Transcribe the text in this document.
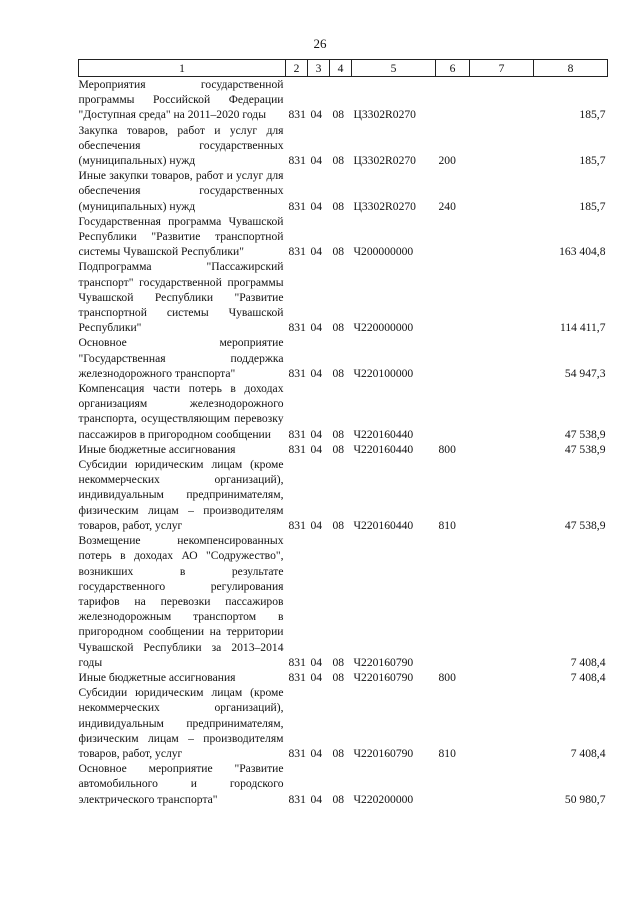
26
1	2	3	4	5	6	7	8
Мероприятия государственной программы Российской Федерации "Доступная среда" на 2011–2020 годы	831	04	08	Ц3302R0270			185,7
Закупка товаров, работ и услуг для обеспечения государственных (муниципальных) нужд	831	04	08	Ц3302R0270	200		185,7
Иные закупки товаров, работ и услуг для обеспечения государственных (муниципальных) нужд	831	04	08	Ц3302R0270	240		185,7
Государственная программа Чувашской Республики "Развитие транспортной системы Чувашской Республики"	831	04	08	Ч200000000			163 404,8
Подпрограмма "Пассажирский транспорт" государственной программы Чувашской Республики "Развитие транспортной системы Чувашской Республики"	831	04	08	Ч220000000			114 411,7
Основное мероприятие "Государственная поддержка железнодорожного транспорта"	831	04	08	Ч220100000			54 947,3
Компенсация части потерь в доходах организациям железнодорожного транспорта, осуществляющим перевозку пассажиров в пригородном сообщении	831	04	08	Ч220160440			47 538,9
Иные бюджетные ассигнования	831	04	08	Ч220160440	800		47 538,9
Субсидии юридическим лицам (кроме некоммерческих организаций), индивидуальным предпринимателям, физическим лицам – производителям товаров, работ, услуг	831	04	08	Ч220160440	810		47 538,9
Возмещение некомпенсированных потерь в доходах АО "Содружество", возникших в результате государственного регулирования тарифов на перевозки пассажиров железнодорожным транспортом в пригородном сообщении на территории Чувашской Республики за 2013–2014 годы	831	04	08	Ч220160790			7 408,4
Иные бюджетные ассигнования	831	04	08	Ч220160790	800		7 408,4
Субсидии юридическим лицам (кроме некоммерческих организаций), индивидуальным предпринимателям, физическим лицам – производителям товаров, работ, услуг	831	04	08	Ч220160790	810		7 408,4
Основное мероприятие "Развитие автомобильного и городского электрического транспорта"	831	04	08	Ч220200000			50 980,7
